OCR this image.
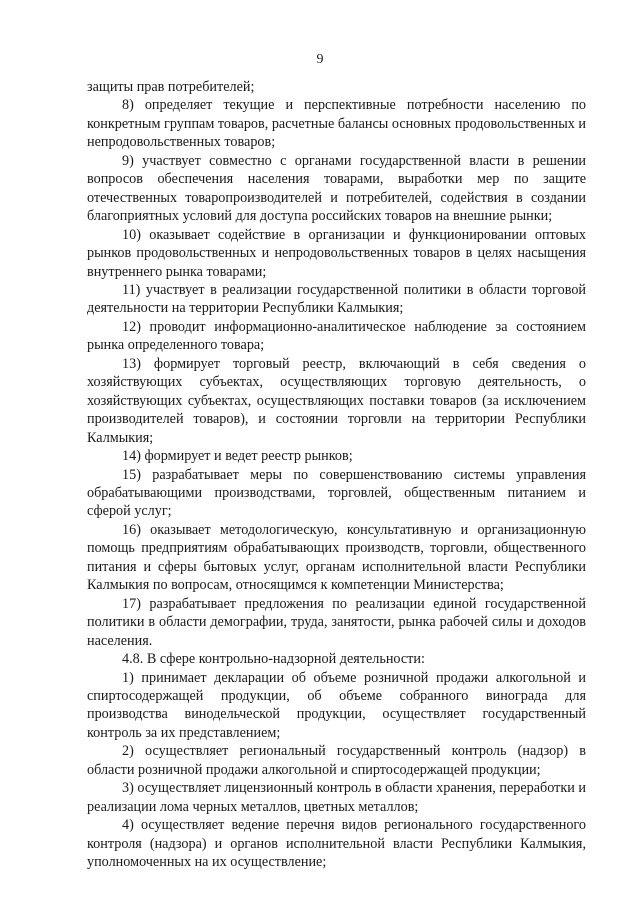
9

защиты прав потребителей;

8) определяет текущие и перспективные потребности населению по конкретным группам товаров, расчетные балансы основных продовольственных и непродовольственных товаров;

9) участвует совместно с органами государственной власти в решении вопросов обеспечения населения товарами, выработки мер по защите отечественных товаропроизводителей и потребителей, содействия в создании благоприятных условий для доступа российских товаров на внешние рынки;

10) оказывает содействие в организации и функционировании оптовых рынков продовольственных и непродовольственных товаров в целях насыщения внутреннего рынка товарами;

11) участвует в реализации государственной политики в области торговой деятельности на территории Республики Калмыкия;

12) проводит информационно-аналитическое наблюдение за состоянием рынка определенного товара;

13) формирует торговый реестр, включающий в себя сведения о хозяйствующих субъектах, осуществляющих торговую деятельность, о хозяйствующих субъектах, осуществляющих поставки товаров (за исключением производителей товаров), и состоянии торговли на территории Республики Калмыкия;

14) формирует и ведет реестр рынков;

15) разрабатывает меры по совершенствованию системы управления обрабатывающими производствами, торговлей, общественным питанием и сферой услуг;

16) оказывает методологическую, консультативную и организационную помощь предприятиям обрабатывающих производств, торговли, общественного питания и сферы бытовых услуг, органам исполнительной власти Республики Калмыкия по вопросам, относящимся к компетенции Министерства;

17) разрабатывает предложения по реализации единой государственной политики в области демографии, труда, занятости, рынка рабочей силы и доходов населения.

4.8. В сфере контрольно-надзорной деятельности:

1) принимает декларации об объеме розничной продажи алкогольной и спиртосодержащей продукции, об объеме собранного винограда для производства винодельческой продукции, осуществляет государственный контроль за их представлением;

2) осуществляет региональный государственный контроль (надзор) в области розничной продажи алкогольной и спиртосодержащей продукции;

3) осуществляет лицензионный контроль в области хранения, переработки и реализации лома черных металлов, цветных металлов;

4) осуществляет ведение перечня видов регионального государственного контроля (надзора) и органов исполнительной власти Республики Калмыкия, уполномоченных на их осуществление;
